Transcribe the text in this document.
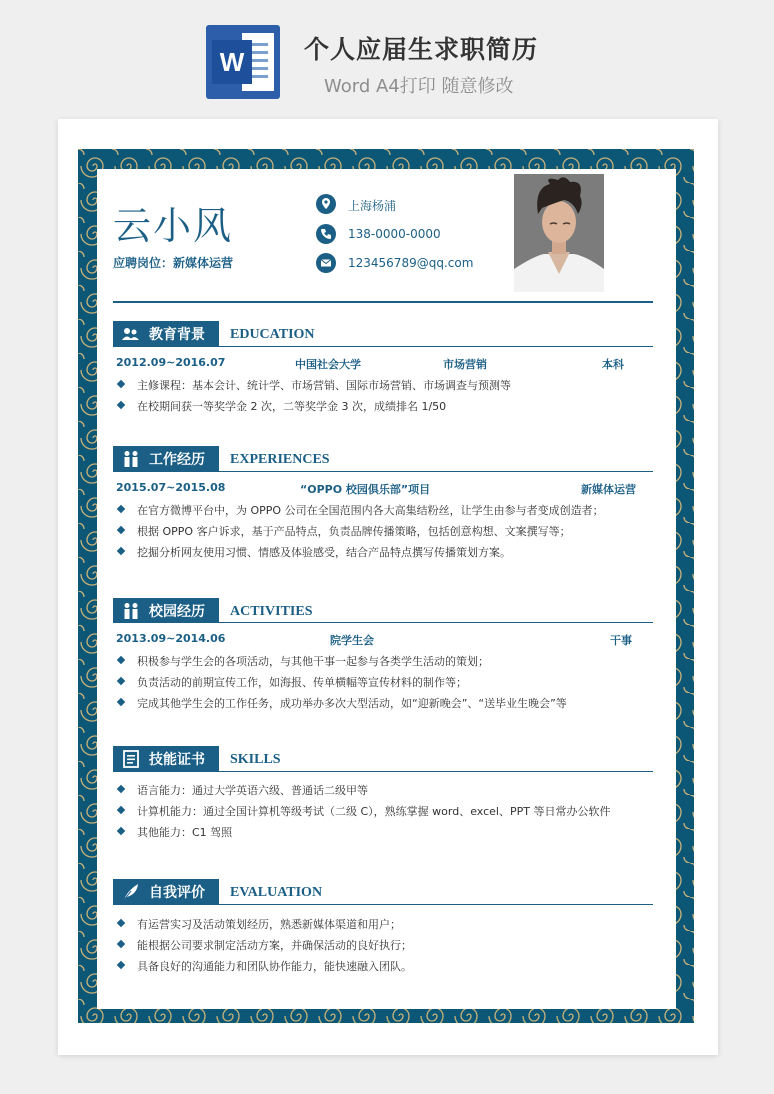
W	个人应届生求职简历
Word A4打印 随意修改
云小风
应聘岗位：新媒体运营
上海杨浦
138-0000-0000
123456789@qq.com
教育背景 EDUCATION
2012.09~2016.07	中国社会大学	市场营销	本科
主修课程：基本会计、统计学、市场营销、国际市场营销、市场调查与预测等
在校期间获一等奖学金 2 次，二等奖学金 3 次，成绩排名 1/50
工作经历 EXPERIENCES
2015.07~2015.08	“OPPO 校园俱乐部”项目	新媒体运营
在官方微博平台中，为 OPPO 公司在全国范围内各大高集结粉丝，让学生由参与者变成创造者；
根据 OPPO 客户诉求，基于产品特点，负责品牌传播策略，包括创意构想、文案撰写等；
挖掘分析网友使用习惯、情感及体验感受，结合产品特点撰写传播策划方案。
校园经历 ACTIVITIES
2013.09~2014.06	院学生会	干事
积极参与学生会的各项活动，与其他干事一起参与各类学生活动的策划；
负责活动的前期宣传工作，如海报、传单横幅等宣传材料的制作等；
完成其他学生会的工作任务，成功举办多次大型活动，如“迎新晚会”、“送毕业生晚会”等
技能证书 SKILLS
语言能力：通过大学英语六级、普通话二级甲等
计算机能力：通过全国计算机等级考试（二级 C），熟练掌握 word、excel、PPT 等日常办公软件
其他能力：C1 驾照
自我评价 EVALUATION
有运营实习及活动策划经历，熟悉新媒体渠道和用户；
能根据公司要求制定活动方案，并确保活动的良好执行；
具备良好的沟通能力和团队协作能力，能快速融入团队。
